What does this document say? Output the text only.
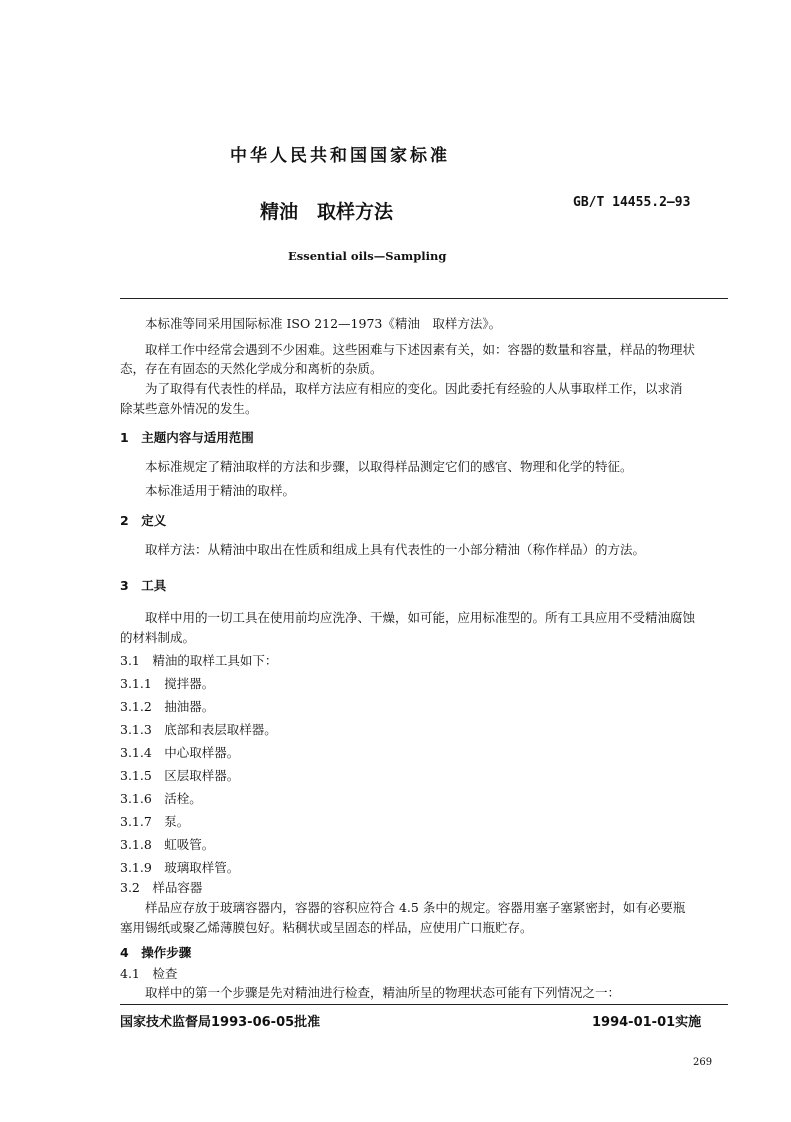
中华人民共和国国家标准
GB/T 14455.2—93
精油　取样方法
Essential oils—Sampling
本标准等同采用国际标准 ISO 212—1973《精油　取样方法》。
取样工作中经常会遇到不少困难。这些困难与下述因素有关，如：容器的数量和容量，样品的物理状
态，存在有固态的天然化学成分和离析的杂质。
为了取得有代表性的样品，取样方法应有相应的变化。因此委托有经验的人从事取样工作，以求消
除某些意外情况的发生。
1　主题内容与适用范围
本标准规定了精油取样的方法和步骤，以取得样品测定它们的感官、物理和化学的特征。
本标准适用于精油的取样。
2　定义
取样方法：从精油中取出在性质和组成上具有代表性的一小部分精油（称作样品）的方法。
3　工具
取样中用的一切工具在使用前均应洗净、干燥，如可能，应用标准型的。所有工具应用不受精油腐蚀
的材料制成。
3.1　精油的取样工具如下：
3.1.1　搅拌器。
3.1.2　抽油器。
3.1.3　底部和表层取样器。
3.1.4　中心取样器。
3.1.5　区层取样器。
3.1.6　活栓。
3.1.7　泵。
3.1.8　虹吸管。
3.1.9　玻璃取样管。
3.2　样品容器
样品应存放于玻璃容器内，容器的容积应符合 4.5 条中的规定。容器用塞子塞紧密封，如有必要瓶
塞用锡纸或聚乙烯薄膜包好。粘稠状或呈固态的样品，应使用广口瓶贮存。
4　操作步骤
4.1　检查
取样中的第一个步骤是先对精油进行检查，精油所呈的物理状态可能有下列情况之一：
国家技术监督局1993-06-05批准	1994-01-01实施
269
